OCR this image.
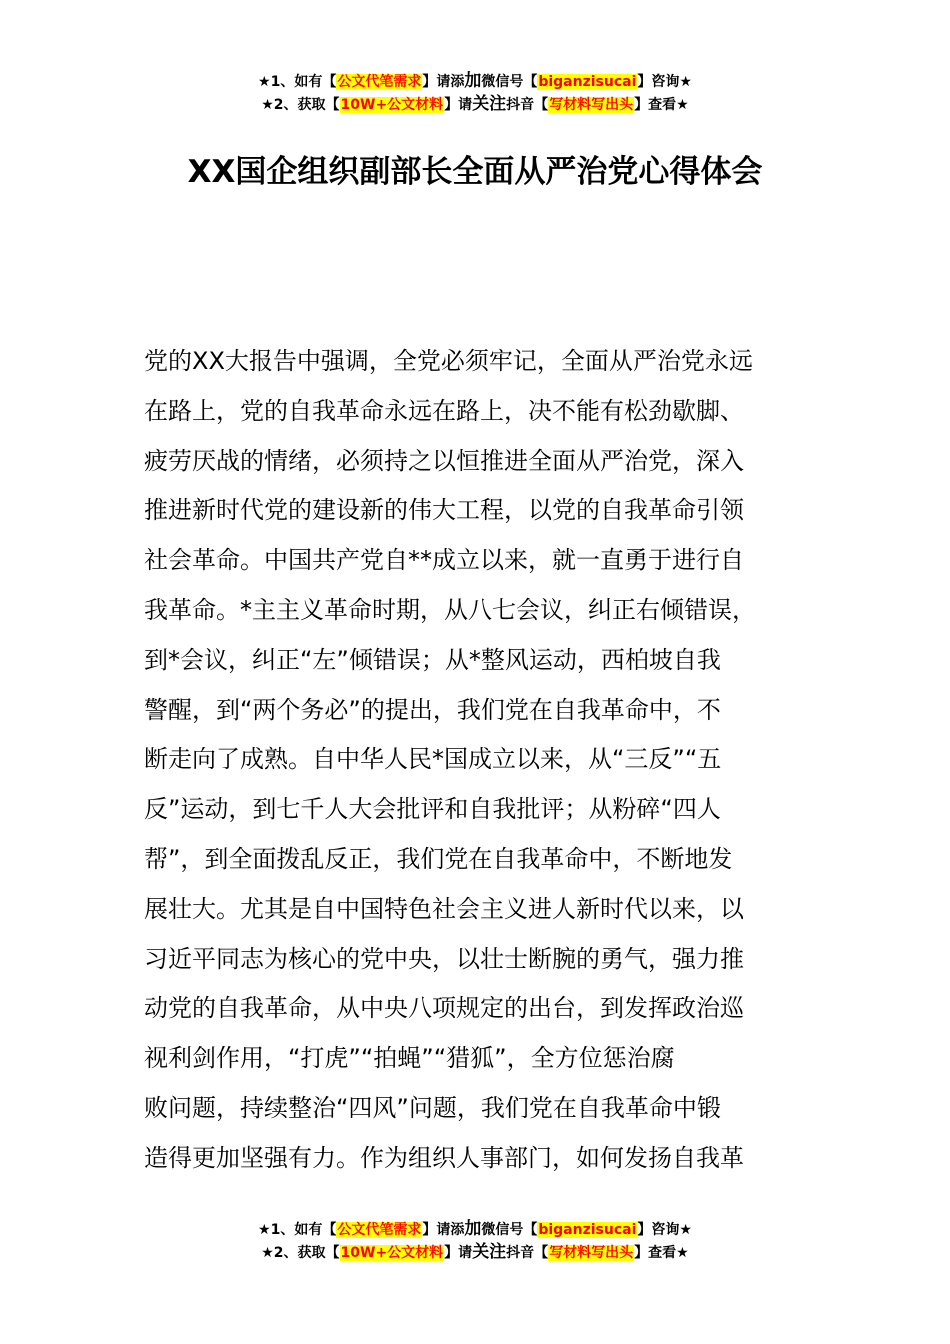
★1、如有【公文代笔需求】请添加微信号【biganzisucai】咨询★
★2、获取【10W+公文材料】请关注抖音【写材料写出头】查看★
XX国企组织副部长全面从严治党心得体会
党的XX大报告中强调，全党必须牢记，全面从严治党永远
在路上，党的自我革命永远在路上，决不能有松劲歇脚、
疲劳厌战的情绪，必须持之以恒推进全面从严治党，深入
推进新时代党的建设新的伟大工程，以党的自我革命引领
社会革命。中国共产党自**成立以来，就一直勇于进行自
我革命。*主主义革命时期，从八七会议，纠正右倾错误，
到*会议，纠正“左”倾错误；从*整风运动，西柏坡自我
警醒，到“两个务必”的提出，我们党在自我革命中，不
断走向了成熟。自中华人民*国成立以来，从“三反”“五
反”运动，到七千人大会批评和自我批评；从粉碎“四人
帮”，到全面拨乱反正，我们党在自我革命中，不断地发
展壮大。尤其是自中国特色社会主义进人新时代以来，以
习近平同志为核心的党中央，以壮士断腕的勇气，强力推
动党的自我革命，从中央八项规定的出台，到发挥政治巡
视利剑作用，“打虎”“拍蝇”“猎狐”，全方位惩治腐
败问题，持续整治“四风”问题，我们党在自我革命中锻
造得更加坚强有力。作为组织人事部门，如何发扬自我革
★1、如有【公文代笔需求】请添加微信号【biganzisucai】咨询★
★2、获取【10W+公文材料】请关注抖音【写材料写出头】查看★
